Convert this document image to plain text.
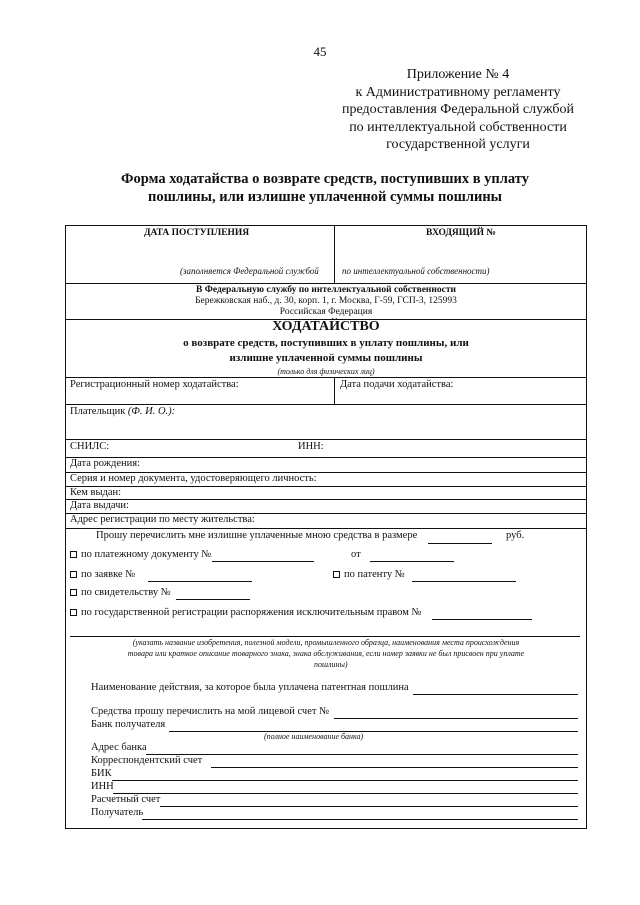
45
Приложение № 4
к Административному регламенту
предоставления Федеральной службой
по интеллектуальной собственности
государственной услуги
Форма ходатайства о возврате средств, поступивших в уплату
пошлины, или излишне уплаченной суммы пошлины
ДАТА ПОСТУПЛЕНИЯ	ВХОДЯЩИЙ №
(заполняется Федеральной службой	по интеллектуальной собственности)
В Федеральную службу по интеллектуальной собственности
Бережковская наб., д. 30, корп. 1, г. Москва, Г-59, ГСП-3, 125993
Российская Федерация
ХОДАТАЙСТВО
о возврате средств, поступивших в уплату пошлины, или
излишне уплаченной суммы пошлины
(только для физических лиц)
Регистрационный номер ходатайства:	Дата подачи ходатайства:
Плательщик (Ф. И. О.):
СНИЛС:	ИНН:
Дата рождения:
Серия и номер документа, удостоверяющего личность:
Кем выдан:
Дата выдачи:
Адрес регистрации по месту жительства:
Прошу перечислить мне излишне уплаченные мною средства в размере	руб.
по платежному документу №	от
по заявке №	по патенту №
по свидетельству №
по государственной регистрации распоряжения исключительным правом №
(указать название изобретения, полезной модели, промышленного образца, наименования места происхождения
товара или краткое описание товарного знака, знака обслуживания, если номер заявки не был присвоен при уплате
пошлины)
Наименование действия, за которое была уплачена патентная пошлина
Средства прошу перечислить на мой лицевой счет №
Банк получателя
(полное наименование банка)
Адрес банка
Корреспондентский счет
БИК
ИНН
Расчетный счет
Получатель
